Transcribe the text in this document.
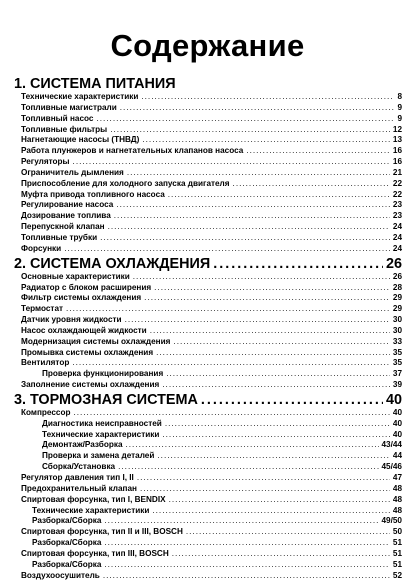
Содержание
1. СИСТЕМА ПИТАНИЯ
Технические характеристики .....	8
Топливные магистрали .....	9
Топливный насос .....	9
Топливные фильтры .....	12
Нагнетающие насосы (ТНВД) .....	13
Работа плунжеров и нагнетательных клапанов насоса .....	16
Регуляторы .....	16
Ограничитель дымления .....	21
Приспособление для холодного запуска двигателя .....	22
Муфта привода топливного насоса .....	22
Регулирование насоса .....	23
Дозирование топлива .....	23
Перепускной клапан .....	24
Топливные трубки .....	24
Форсунки .....	24
2. СИСТЕМА ОХЛАЖДЕНИЯ .....	26
Основные характеристики .....	26
Радиатор с блоком расширения .....	28
Фильтр системы охлаждения .....	29
Термостат .....	29
Датчик уровня жидкости .....	30
Насос охлаждающей жидкости .....	30
Модернизация системы охлаждения .....	33
Промывка системы охлаждения .....	35
Вентилятор .....	35
Проверка функционирования .....	37
Заполнение системы охлаждения .....	39
3. ТОРМОЗНАЯ СИСТЕМА .....	40
Компрессор .....	40
Диагностика неисправностей .....	40
Технические характеристики .....	40
Демонтаж/Разборка .....	43/44
Проверка и замена деталей .....	44
Сборка/Установка .....	45/46
Регулятор давления тип I, II .....	47
Предохранительный клапан .....	48
Спиртовая форсунка, тип I, BENDIX .....	48
Технические характеристики .....	48
Разборка/Сборка .....	49/50
Спиртовая форсунка, тип II и III, BOSCH .....	50
Разборка/Сборка .....	51
Спиртовая форсунка, тип III, BOSCH .....	51
Разборка/Сборка .....	51
Воздухоосушитель .....	52
